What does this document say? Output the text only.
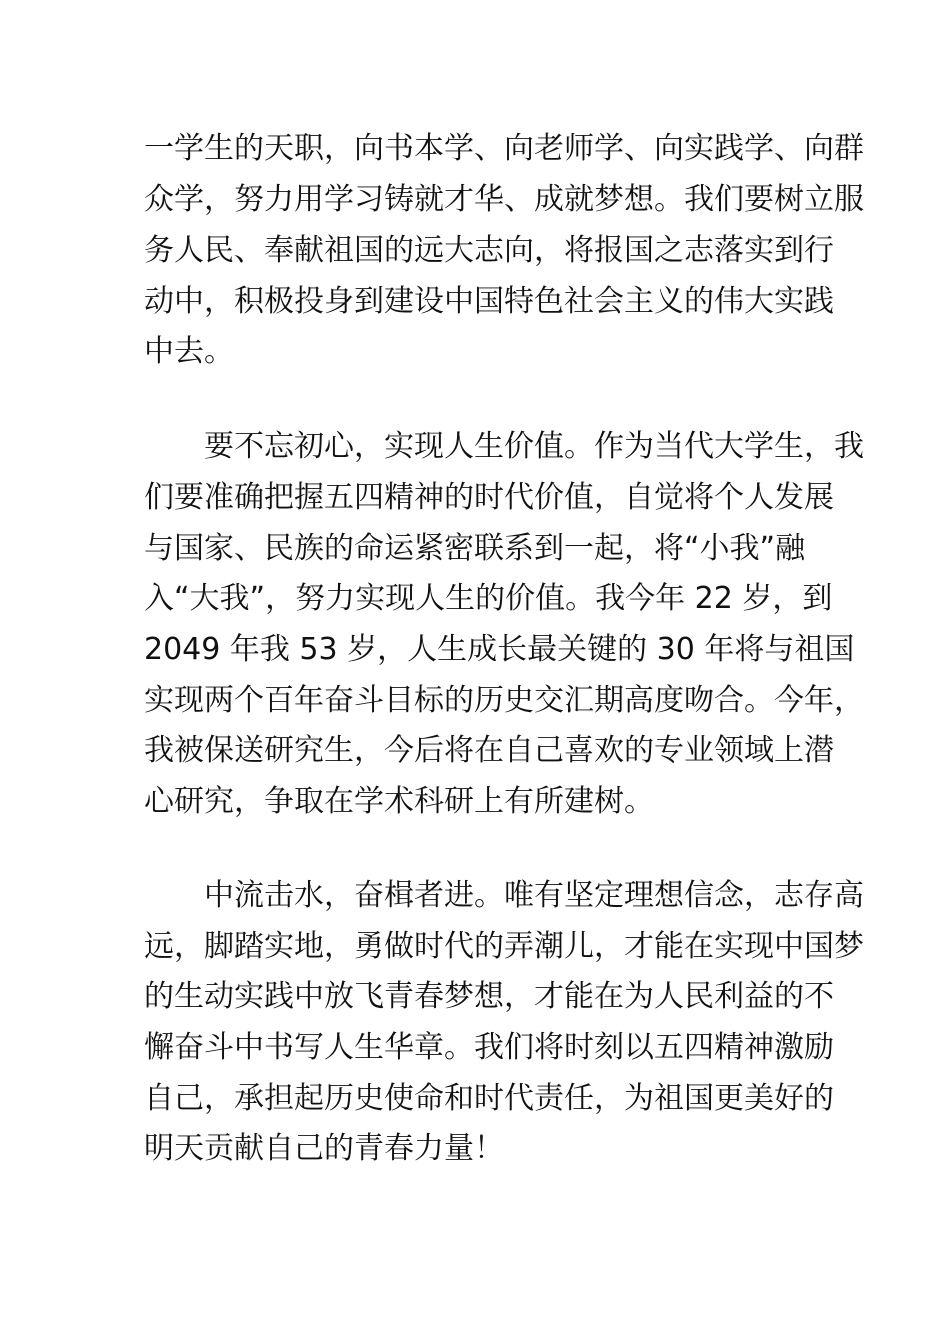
一学生的天职，向书本学、向老师学、向实践学、向群

众学，努力用学习铸就才华、成就梦想。我们要树立服

务人民、奉献祖国的远大志向，将报国之志落实到行

动中，积极投身到建设中国特色社会主义的伟大实践

中去。

要不忘初心，实现人生价值。作为当代大学生，我

们要准确把握五四精神的时代价值，自觉将个人发展

与国家、民族的命运紧密联系到一起，将“小我”融

入“大我”，努力实现人生的价值。我今年 22 岁，到

2049 年我 53 岁，人生成长最关键的 30 年将与祖国

实现两个百年奋斗目标的历史交汇期高度吻合。今年，

我被保送研究生，今后将在自己喜欢的专业领域上潜

心研究，争取在学术科研上有所建树。

中流击水，奋楫者进。唯有坚定理想信念，志存高

远，脚踏实地，勇做时代的弄潮儿，才能在实现中国梦

的生动实践中放飞青春梦想，才能在为人民利益的不

懈奋斗中书写人生华章。我们将时刻以五四精神激励

自己，承担起历史使命和时代责任，为祖国更美好的

明天贡献自己的青春力量！
